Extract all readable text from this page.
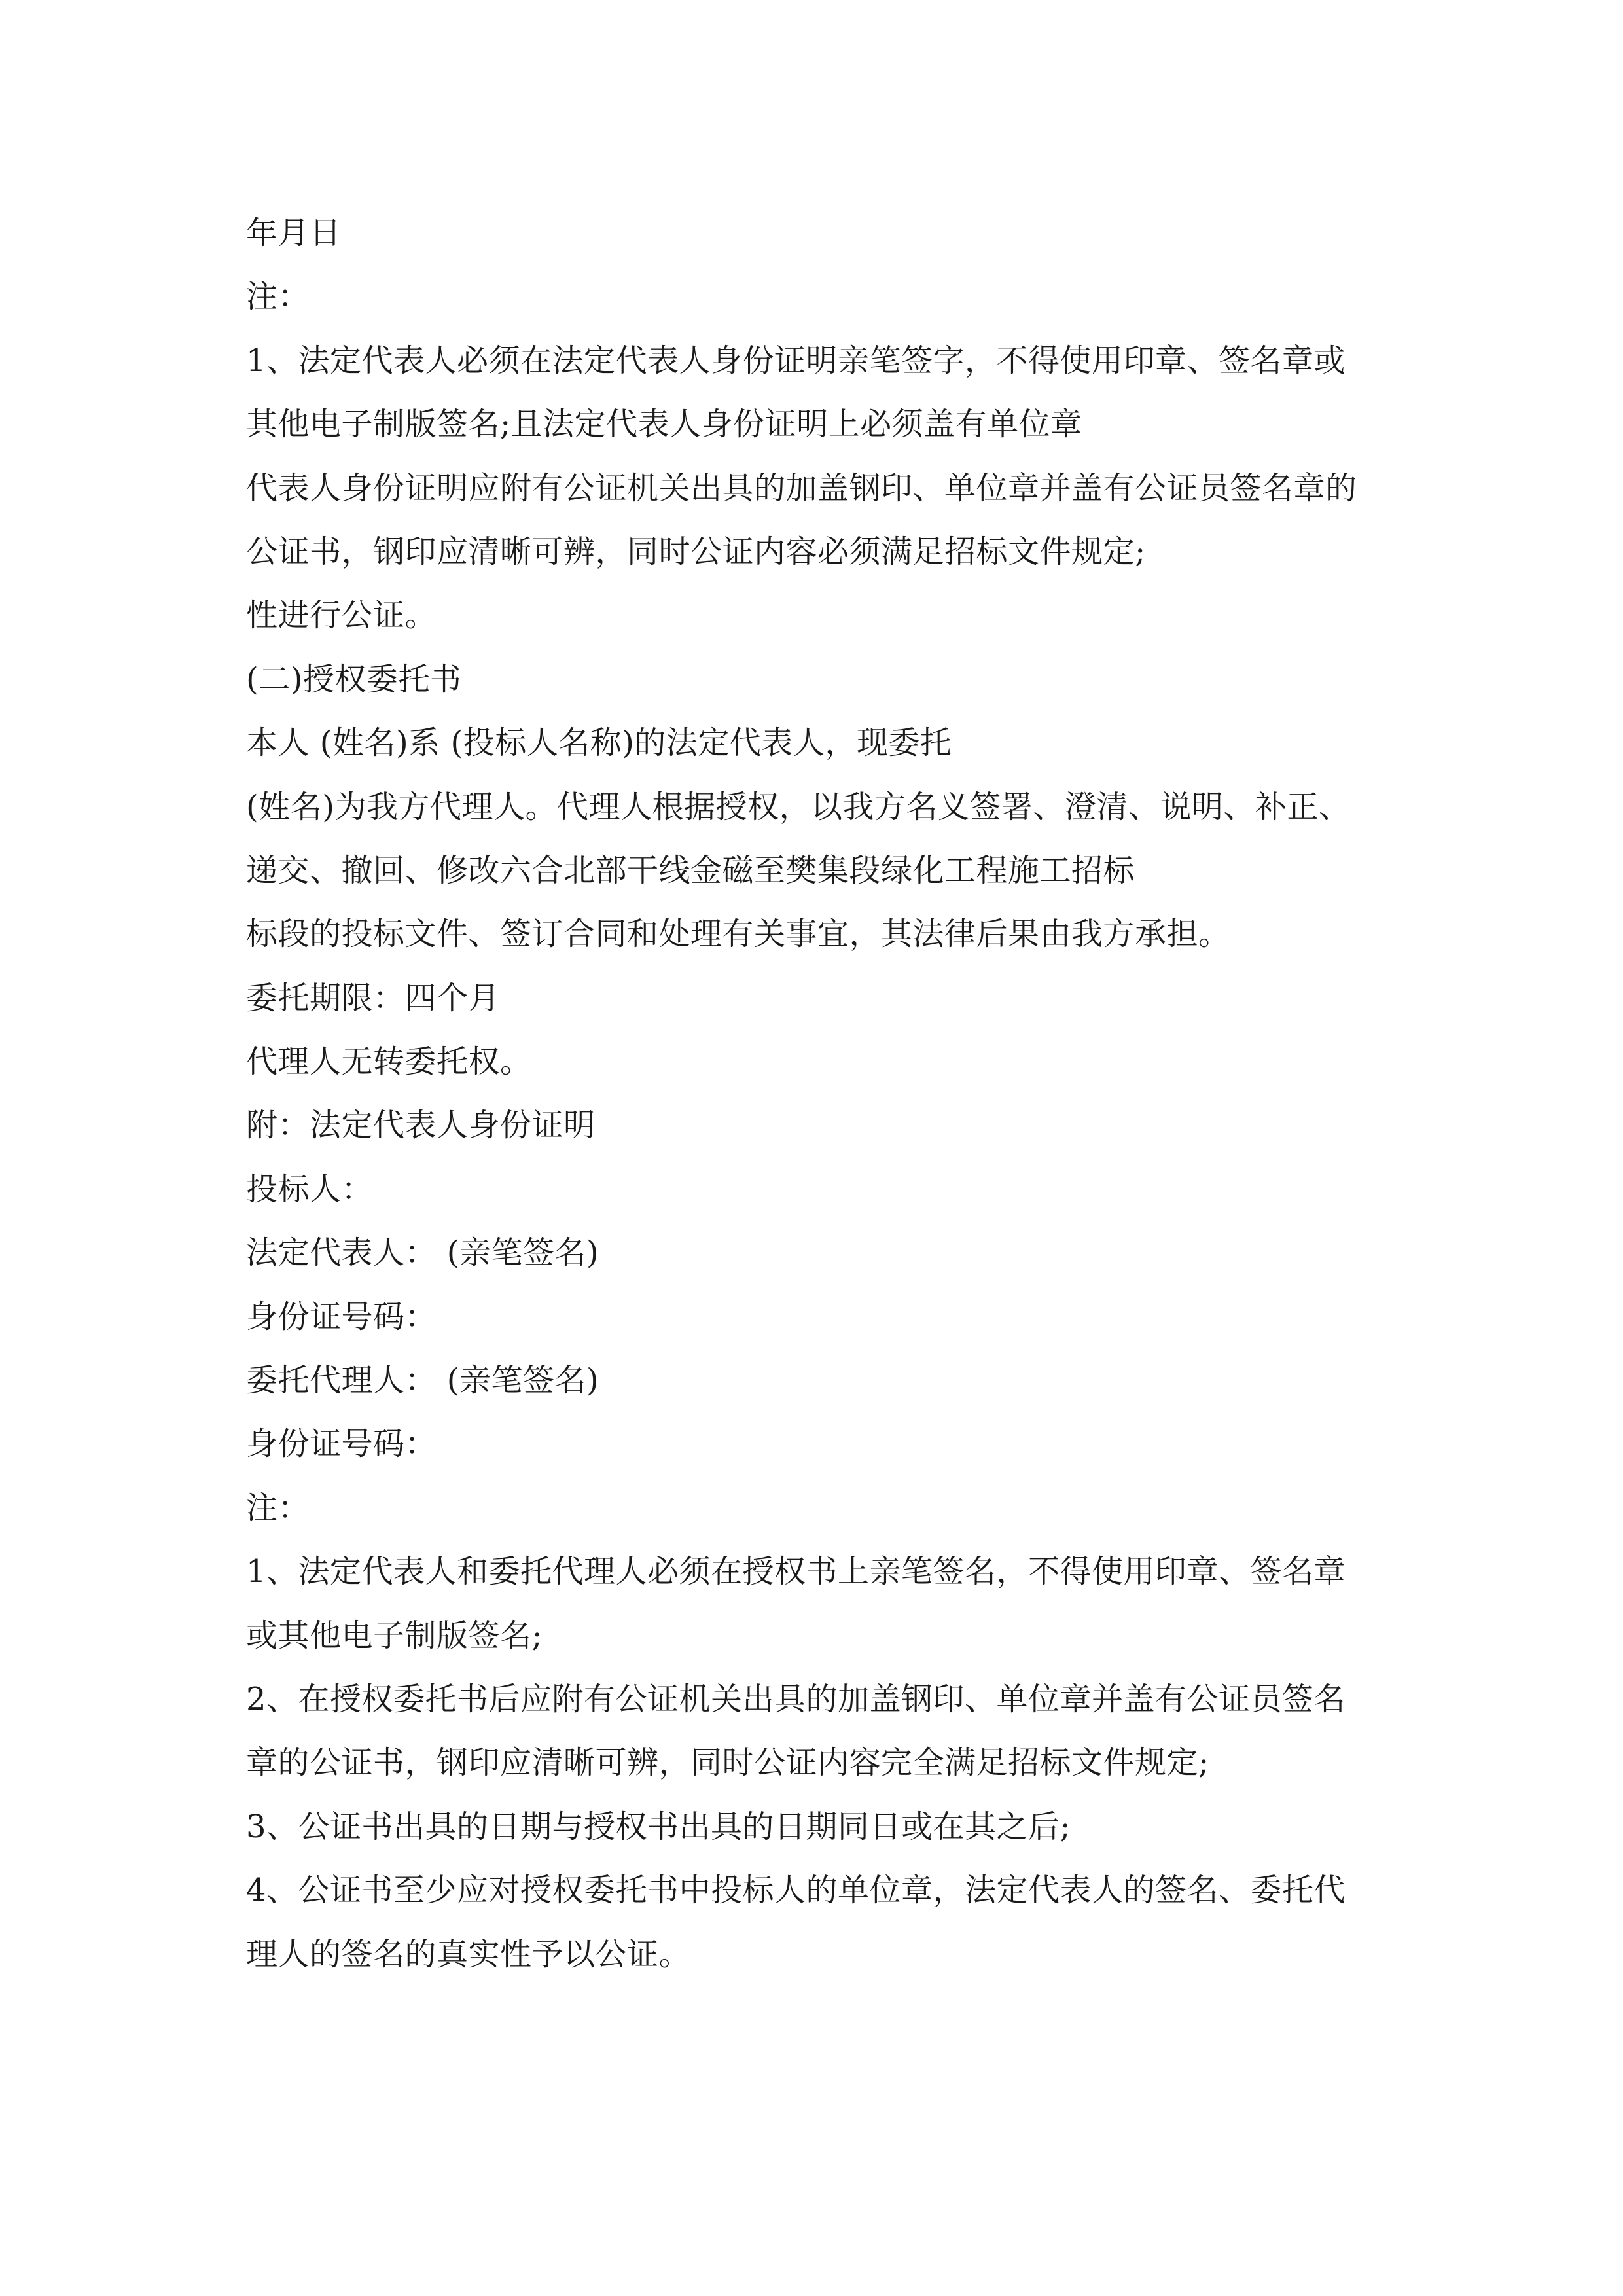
年月日
注：
1、法定代表人必须在法定代表人身份证明亲笔签字，不得使用印章、签名章或
其他电子制版签名;且法定代表人身份证明上必须盖有单位章
代表人身份证明应附有公证机关出具的加盖钢印、单位章并盖有公证员签名章的
公证书，钢印应清晰可辨，同时公证内容必须满足招标文件规定;
性进行公证。
(二)授权委托书
本人 (姓名)系 (投标人名称)的法定代表人，现委托
(姓名)为我方代理人。代理人根据授权，以我方名义签署、澄清、说明、补正、
递交、撤回、修改六合北部干线金磁至樊集段绿化工程施工招标
标段的投标文件、签订合同和处理有关事宜，其法律后果由我方承担。
委托期限：四个月
代理人无转委托权。
附：法定代表人身份证明
投标人：
法定代表人： (亲笔签名)
身份证号码：
委托代理人： (亲笔签名)
身份证号码：
注：
1、法定代表人和委托代理人必须在授权书上亲笔签名，不得使用印章、签名章
或其他电子制版签名;
2、在授权委托书后应附有公证机关出具的加盖钢印、单位章并盖有公证员签名
章的公证书，钢印应清晰可辨，同时公证内容完全满足招标文件规定;
3、公证书出具的日期与授权书出具的日期同日或在其之后;
4、公证书至少应对授权委托书中投标人的单位章，法定代表人的签名、委托代
理人的签名的真实性予以公证。
